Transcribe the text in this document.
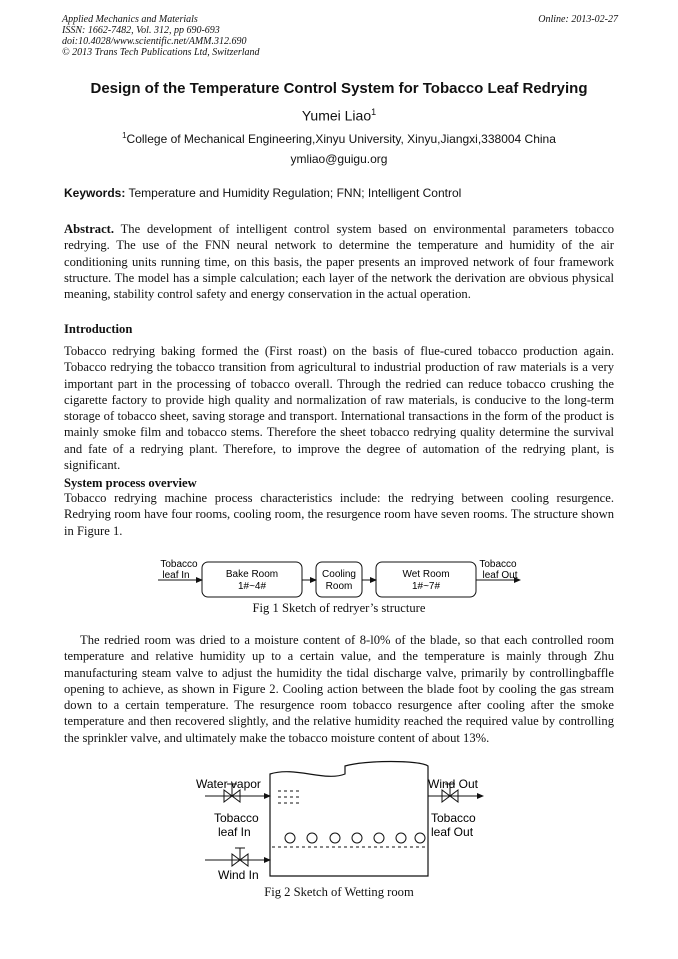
Applied Mechanics and Materials
ISSN: 1662-7482, Vol. 312, pp 690-693
doi:10.4028/www.scientific.net/AMM.312.690
© 2013 Trans Tech Publications Ltd, Switzerland
Online: 2013-02-27
Design of the Temperature Control System for Tobacco Leaf Redrying
Yumei Liao$^1$
$^1$College of Mechanical Engineering,Xinyu University, Xinyu,Jiangxi,338004 China
ymliao@guigu.org
Keywords: Temperature and Humidity Regulation; FNN; Intelligent Control
Abstract. The development of intelligent control system based on environmental parameters tobacco redrying. The use of the FNN neural network to determine the temperature and humidity of the air conditioning units running time, on this basis, the paper presents an improved network of four framework structure. The model has a simple calculation; each layer of the network the derivation are obvious physical meaning, stability control safety and energy conservation in the actual operation.
Introduction
Tobacco redrying baking formed the (First roast) on the basis of flue-cured tobacco production again. Tobacco redrying the tobacco transition from agricultural to industrial production of raw materials is a very important part in the processing of tobacco overall. Through the redried can reduce tobacco crushing the cigarette factory to provide high quality and normalization of raw materials, is conducive to the long-term storage of tobacco sheet, saving storage and transport. International transactions in the form of the product is mainly smoke film and tobacco stems. Therefore the sheet tobacco redrying quality determine the survival and fate of a redrying plant. Therefore, to improve the degree of automation of the redrying plant, is significant.
System process overview
Tobacco redrying machine process characteristics include: the redrying between cooling resurgence. Redrying room have four rooms, cooling room, the resurgence room have seven rooms. The structure shown in Figure 1.
Tobacco
leaf In	Bake Room
1#~4#
Cooling
Room
Wet Room
1#~7#
Tobacco
leaf Out
Fig 1 Sketch of redryer’s structure
The redried room was dried to a moisture content of 8-l0% of the blade, so that each controlled room temperature and relative humidity up to a certain value, and the temperature is mainly through Zhu manufacturing steam valve to adjust the humidity the tidal discharge valve, primarily by controllingbaffle opening to achieve, as shown in Figure 2. Cooling action between the blade foot by cooling the gas stream down to a certain temperature. The resurgence room tobacco resurgence after cooling after the smoke temperature and then recovered slightly, and the relative humidity reached the required value by controlling the sprinkler valve, and ultimately make the tobacco moisture content of about 13%.
Water vapor	Wind Out
Tobacco
leaf In
Tobacco
leaf Out
Wind In
Fig 2 Sketch of Wetting room
